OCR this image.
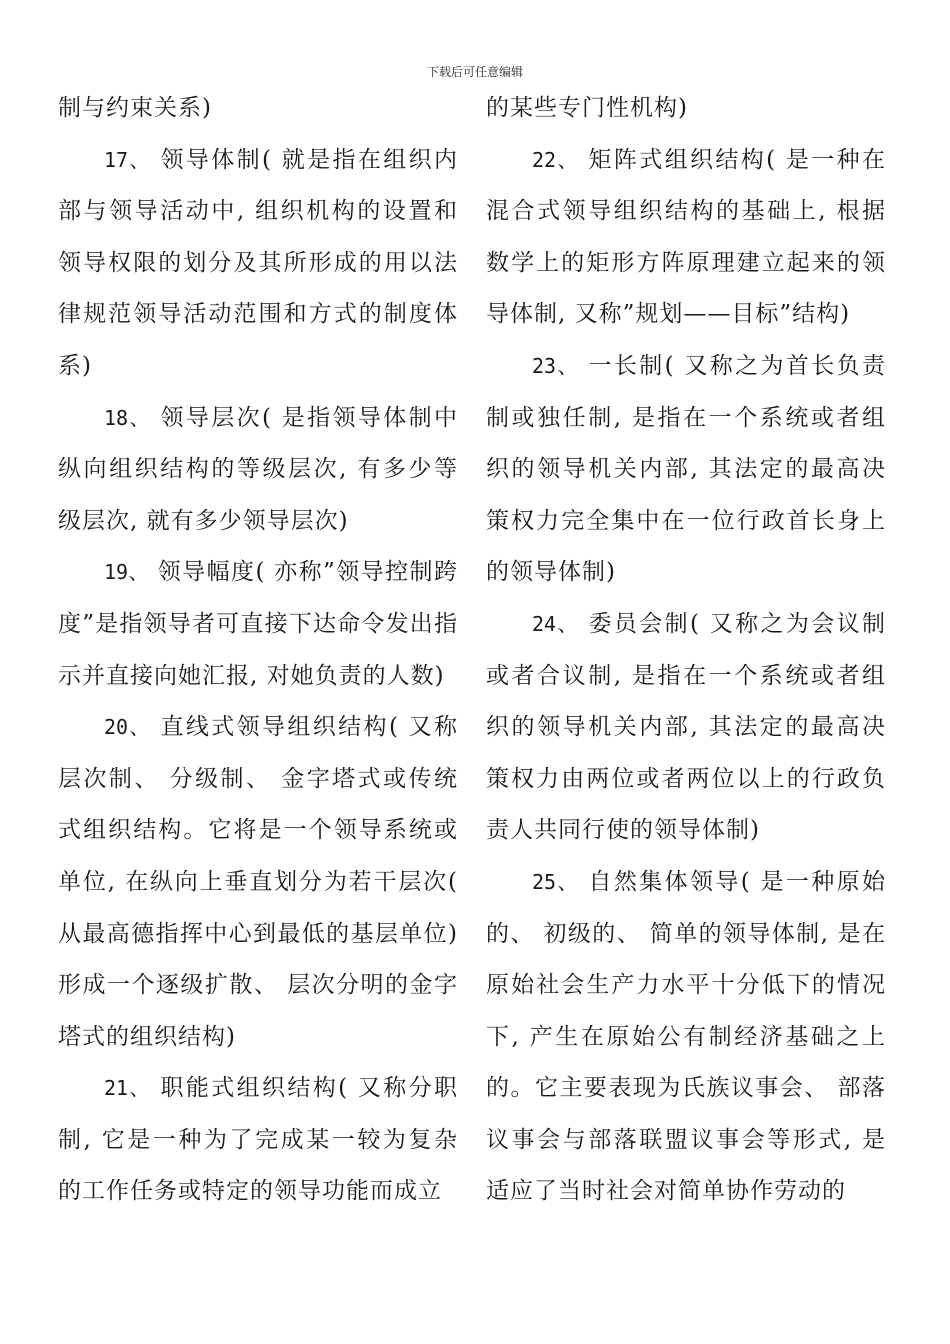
下载后可任意编辑

制与约束关系)

17、 领导体制( 就是指在组织内部与领导活动中, 组织机构的设置和领导权限的划分及其所形成的用以法律规范领导活动范围和方式的制度体系)

18、 领导层次( 是指领导体制中纵向组织结构的等级层次, 有多少等级层次, 就有多少领导层次)

19、 领导幅度( 亦称”领导控制跨度”是指领导者可直接下达命令发出指示并直接向她汇报, 对她负责的人数)

20、 直线式领导组织结构( 又称层次制、 分级制、 金字塔式或传统式组织结构。它将是一个领导系统或单位, 在纵向上垂直划分为若干层次( 从最高德指挥中心到最低的基层单位) 形成一个逐级扩散、 层次分明的金字塔式的组织结构)

21、 职能式组织结构( 又称分职制, 它是一种为了完成某一较为复杂的工作任务或特定的领导功能而成立

的某些专门性机构)

22、 矩阵式组织结构( 是一种在混合式领导组织结构的基础上, 根据数学上的矩形方阵原理建立起来的领导体制, 又称”规划——目标”结构)

23、 一长制( 又称之为首长负责制或独任制, 是指在一个系统或者组织的领导机关内部, 其法定的最高决策权力完全集中在一位行政首长身上的领导体制)

24、 委员会制( 又称之为会议制或者合议制, 是指在一个系统或者组织的领导机关内部, 其法定的最高决策权力由两位或者两位以上的行政负责人共同行使的领导体制)

25、 自然集体领导( 是一种原始的、 初级的、 简单的领导体制, 是在原始社会生产力水平十分低下的情况下, 产生在原始公有制经济基础之上的。它主要表现为氏族议事会、 部落议事会与部落联盟议事会等形式, 是适应了当时社会对简单协作劳动的
